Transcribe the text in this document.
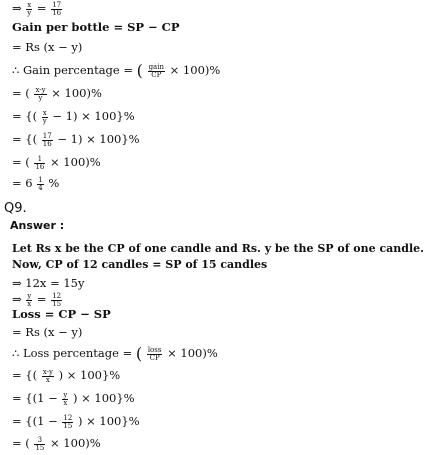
⇒ $\frac{x}{y} = \frac{17}{16}$
Gain per bottle = SP − CP
= Rs (x − y)
∴ Gain percentage = ( $\frac{\text{gain}}{CP} \times 100)\%$
= ( $\frac{x-y}{y} \times 100)\%$
= {( $\frac{x}{y} - 1) \times 100\}\%$
= {( $\frac{17}{16} - 1) \times 100\}\%$
= ( $\frac{1}{16} \times 100)\%$
= $6 \frac{1}{4}$ %
Q9.
Answer :
Let Rs x be the CP of one candle and Rs. y be the SP of one candle.
Now, CP of 12 candles = SP of 15 candles
⇒ 12x = 15y
⇒ $\frac{y}{x} = \frac{12}{15}$
Loss = CP − SP
= Rs (x − y)
∴ Loss percentage = ( $\frac{\text{loss}}{CP} \times 100)\%$
= {( $\frac{x-y}{x}$ ) × 100}%
= {($1 - \frac{y}{x}$ ) × 100}%
= {($1 - \frac{12}{15}$ ) × 100}%
= ( $\frac{3}{15} \times 100)\%$
